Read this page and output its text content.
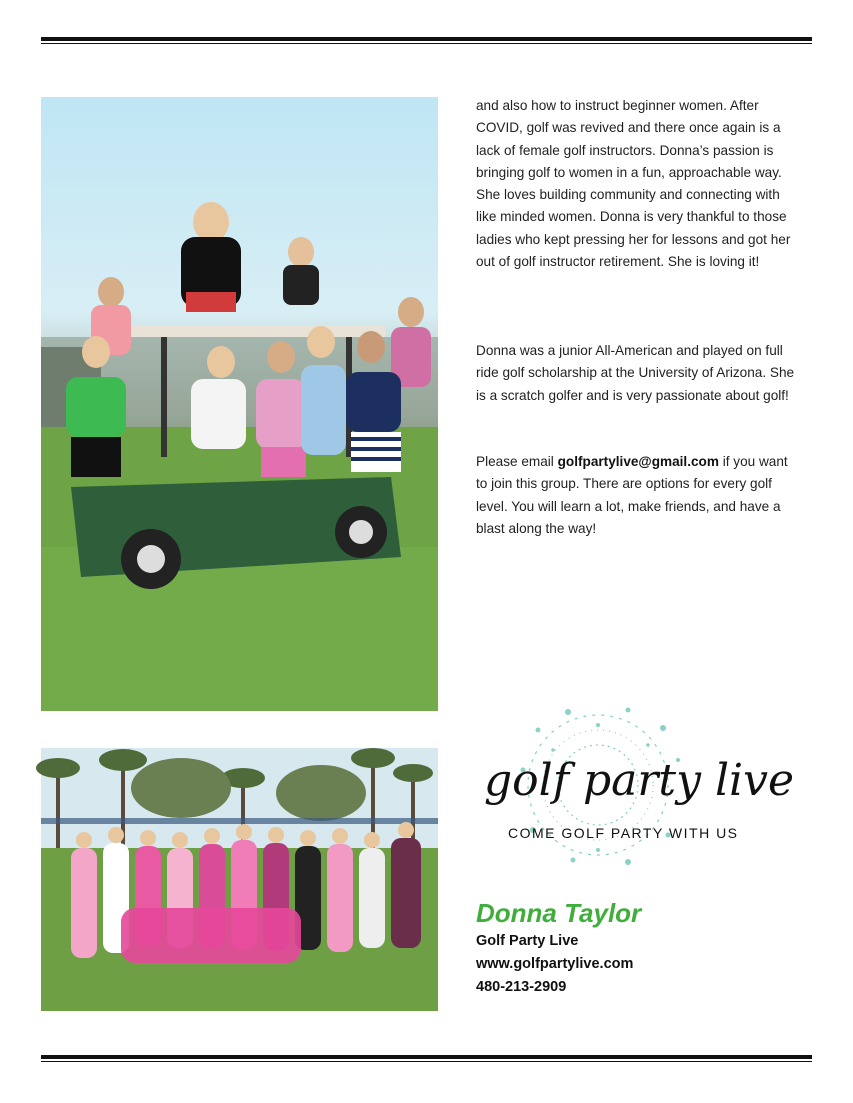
and also how to instruct beginner women. After COVID, golf was revived and there once again is a lack of female golf instructors. Donna’s passion is bringing golf to women in a fun, approachable way. She loves building community and connecting with like minded women. Donna is very thankful to those ladies who kept pressing her for lessons and got her out of golf instructor retirement. She is loving it!

Donna was a junior All-American and played on full ride golf scholarship at the University of Arizona. She is a scratch golfer and is very passionate about golf!

Please email golfpartylive@gmail.com if you want to join this group. There are options for every golf level. You will learn a lot, make friends, and have a blast along the way!

golf party live
COME GOLF PARTY WITH US
Donna Taylor
Golf Party Live
www.golfpartylive.com
480-213-2909
